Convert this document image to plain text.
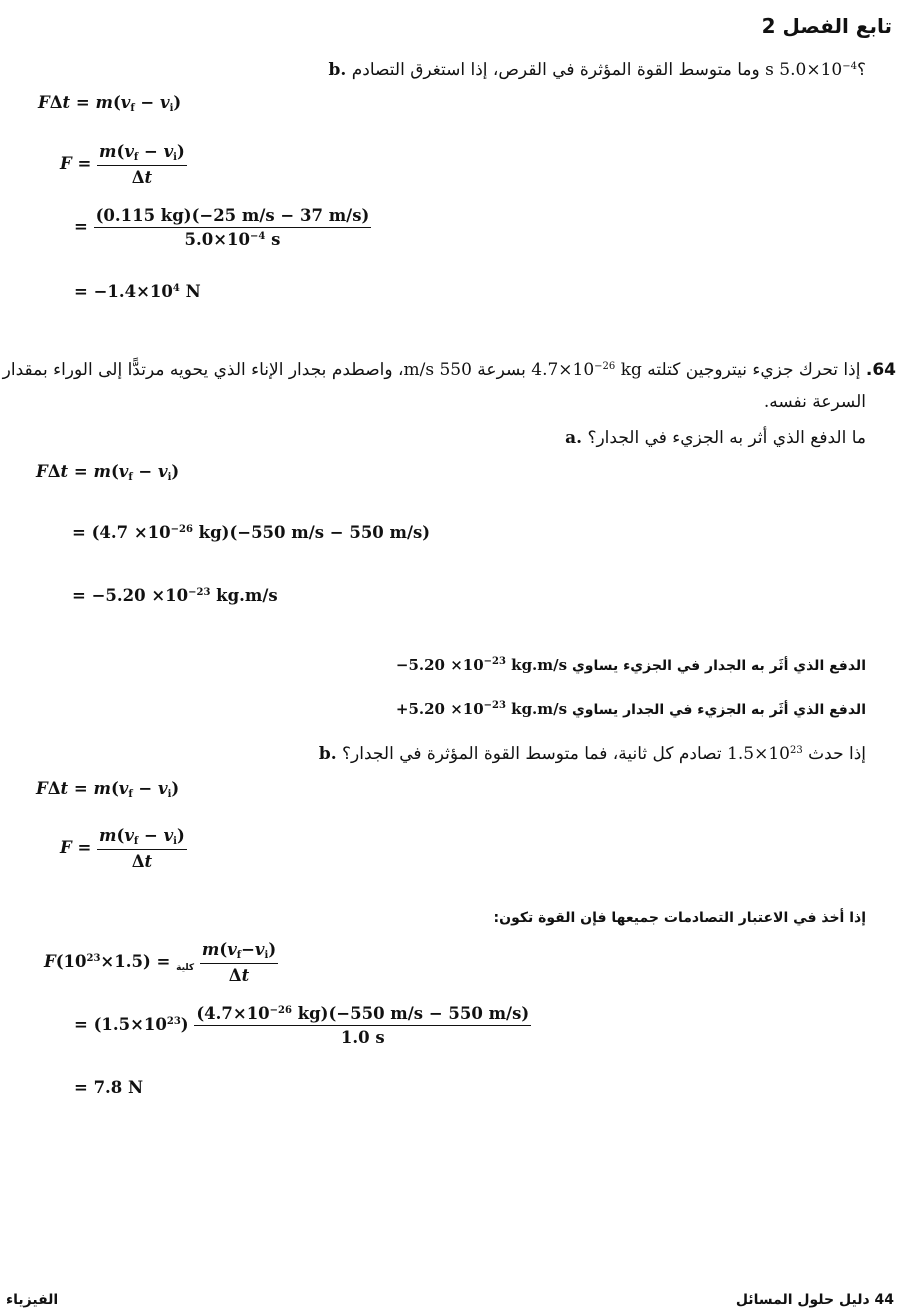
تابع الفصل 2
b. وما متوسط القوة المؤثرة في القرص، إذا استغرق التصادم s $5.0\times 10^{-4}؟$
$F\Delta t = m(v_f - v_i)$
$F = \frac{m(v_f - v_i)}{\Delta t}$
= $\frac{(0.115 kg)(-25 m/s - 37 m/s)}{5.0\times 10^{-4} s}$
= $-1.4\times 10^4$ N
64. إذا تحرك جزيء نيتروجين كتلته kg $4.7\times 10^{-26}$ بسرعة 550 m/s، واصطدم بجدار الإناء الذي يحويه مرتدًّا إلى الوراء بمقدار
السرعة نفسه.
a. ما الدفع الذي أثر به الجزيء في الجدار؟
$F\Delta t = m(v_f - v_i)$
= ($4.7 \times 10^{-26}$ kg)(−550 m/s − 550 m/s)
= $-5.20 \times 10^{-23}$ kg.m/s
الدفع الذي أثَر به الجدار في الجزيء يساوي $-5.20 \times 10^{-23}$ kg.m/s
الدفع الذي أثَر به الجزيء في الجدار يساوي $+5.20 \times 10^{-23}$ kg.m/s
b.	إذا حدث $1.5\times 10^{23}$ تصادم كل ثانية، فما متوسط القوة المؤثرة في الجدار؟
$F\Delta t = m(v_f - v_i)$
$F = \frac{m(v_f - v_i)}{\Delta t}$
إذا أخذ في الاعتبار التصادمات جميعها فإن القوة تكون:
F	$_{كلية} = (1.5\times 10^{23})$	$\frac{m(v_f-v_i)}{\Delta t}$
= $(1.5\times 10^{23}) \frac{(4.7\times 10^{-26} kg)(-550 m/s - 550 m/s)}{1.0 s}$
= 7.8 N
44 دليل حلول المسائل
الفيزياء
